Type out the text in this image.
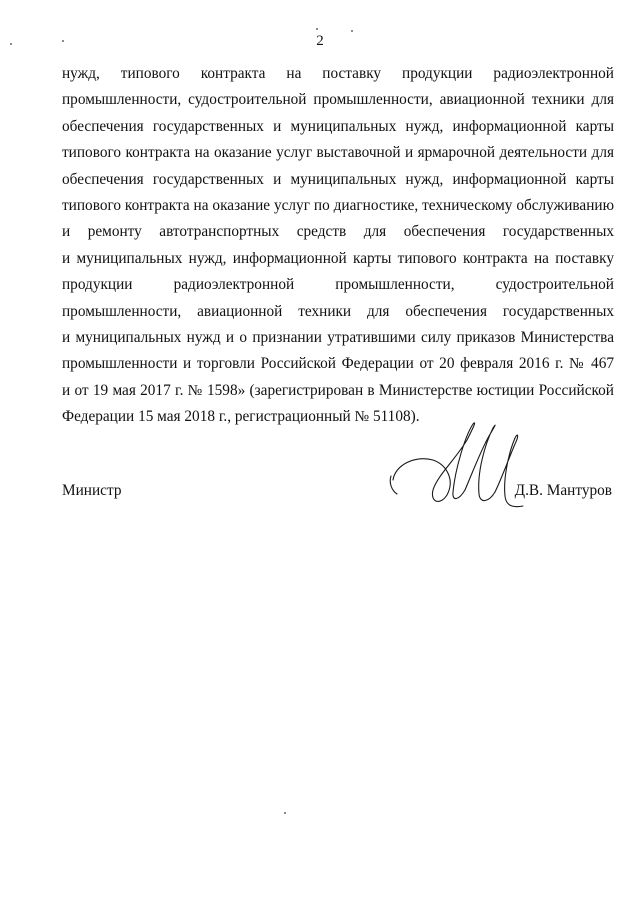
2
нужд, типового контракта на поставку продукции радиоэлектронной
промышленности, судостроительной промышленности, авиационной техники для
обеспечения государственных и муниципальных нужд, информационной карты
типового контракта на оказание услуг выставочной и ярмарочной деятельности для
обеспечения государственных и муниципальных нужд, информационной карты
типового контракта на оказание услуг по диагностике, техническому обслуживанию
и ремонту автотранспортных средств для обеспечения государственных
и муниципальных нужд, информационной карты типового контракта на поставку
продукции радиоэлектронной промышленности, судостроительной
промышленности, авиационной техники для обеспечения государственных
и муниципальных нужд и о признании утратившими силу приказов Министерства
промышленности и торговли Российской Федерации от 20 февраля 2016 г. № 467
и от 19 мая 2017 г. № 1598» (зарегистрирован в Министерстве юстиции Российской
Федерации 15 мая 2018 г., регистрационный № 51108).
Министр	Д.В. Мантуров
